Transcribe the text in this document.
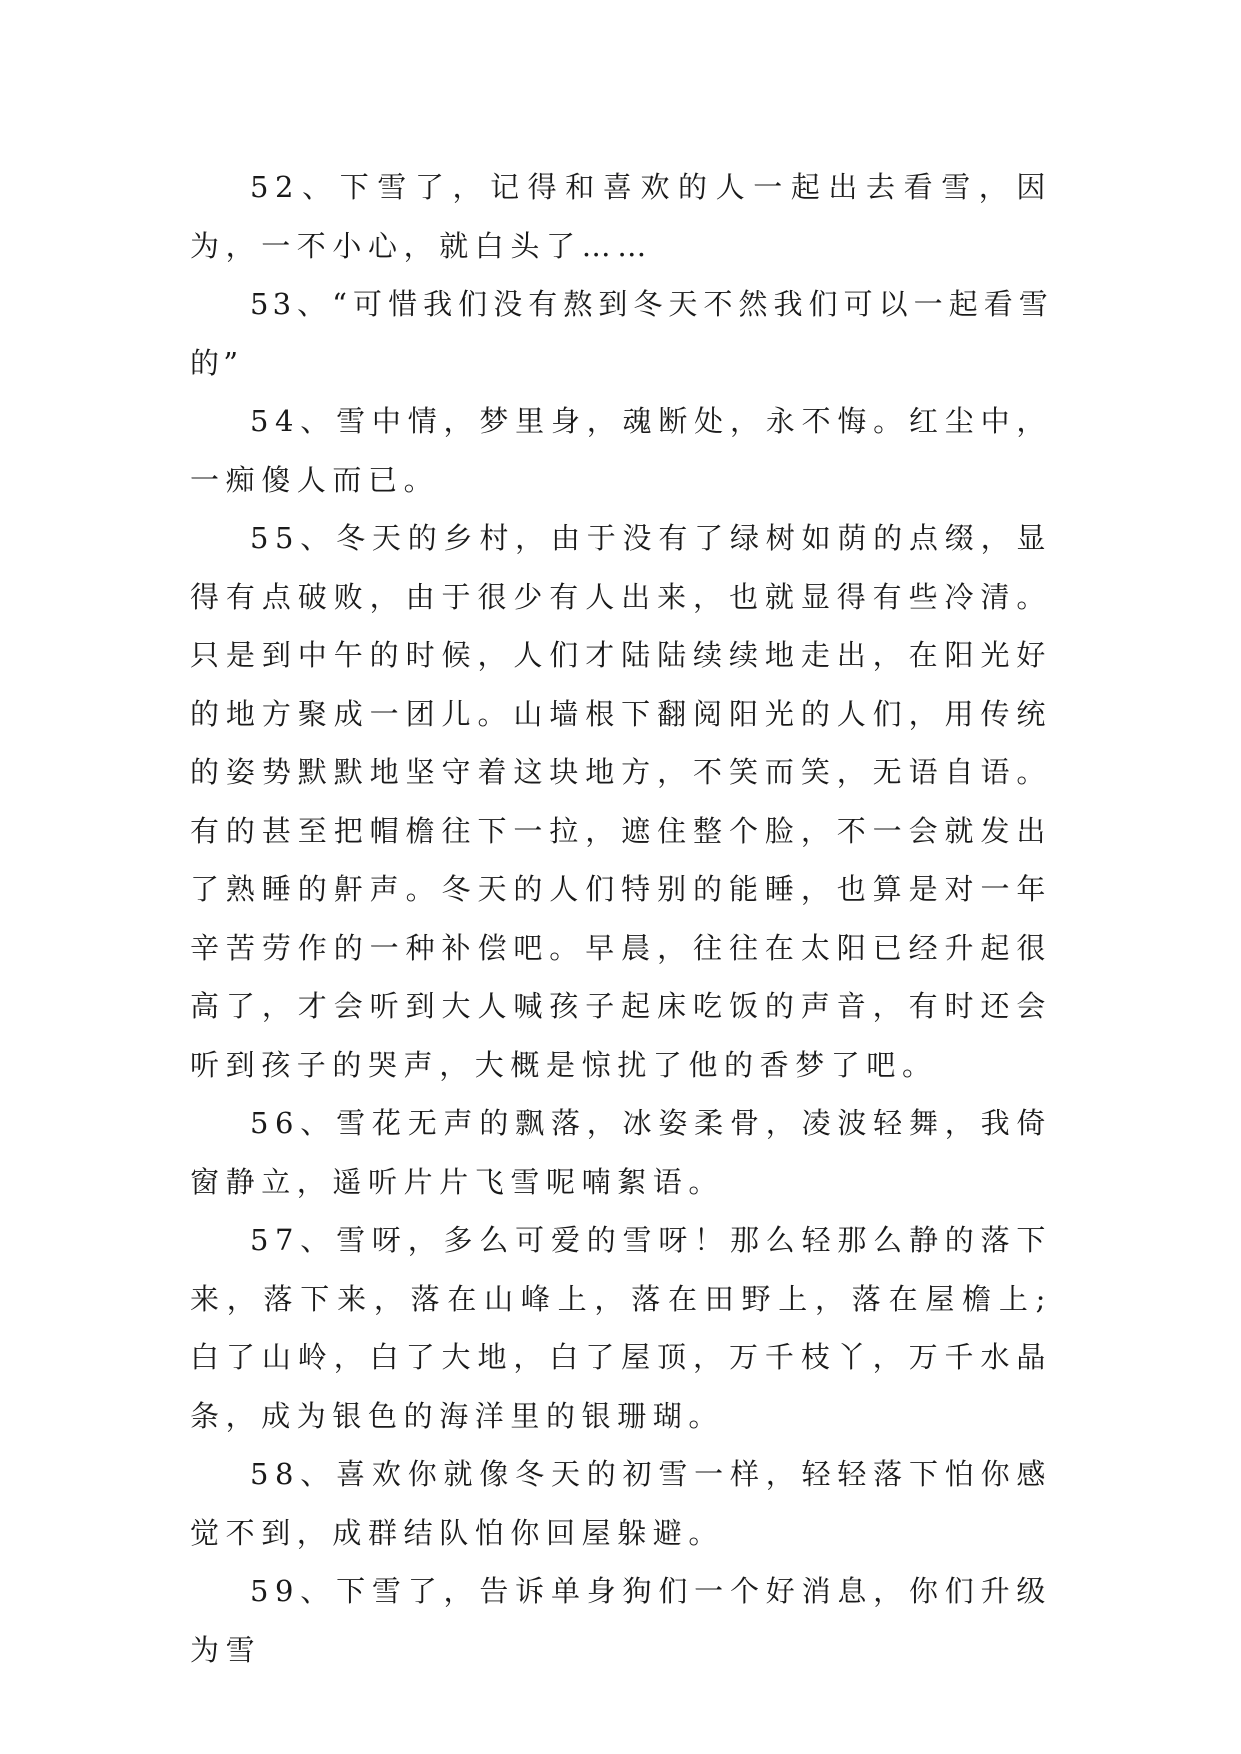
52、下雪了，记得和喜欢的人一起出去看雪，因为，一不小心，就白头了……

53、“可惜我们没有熬到冬天不然我们可以一起看雪的”

54、雪中情，梦里身，魂断处，永不悔。红尘中，一痴傻人而已。

55、冬天的乡村，由于没有了绿树如荫的点缀，显得有点破败，由于很少有人出来，也就显得有些冷清。只是到中午的时候，人们才陆陆续续地走出，在阳光好的地方聚成一团儿。山墙根下翻阅阳光的人们，用传统的姿势默默地坚守着这块地方，不笑而笑，无语自语。有的甚至把帽檐往下一拉，遮住整个脸，不一会就发出了熟睡的鼾声。冬天的人们特别的能睡，也算是对一年辛苦劳作的一种补偿吧。早晨，往往在太阳已经升起很高了，才会听到大人喊孩子起床吃饭的声音，有时还会听到孩子的哭声，大概是惊扰了他的香梦了吧。

56、雪花无声的飘落，冰姿柔骨，凌波轻舞，我倚窗静立，遥听片片飞雪呢喃絮语。

57、雪呀，多么可爱的雪呀！那么轻那么静的落下来，落下来，落在山峰上，落在田野上，落在屋檐上;白了山岭，白了大地，白了屋顶，万千枝丫，万千水晶条，成为银色的海洋里的银珊瑚。

58、喜欢你就像冬天的初雪一样，轻轻落下怕你感觉不到，成群结队怕你回屋躲避。

59、下雪了，告诉单身狗们一个好消息，你们升级为雪
